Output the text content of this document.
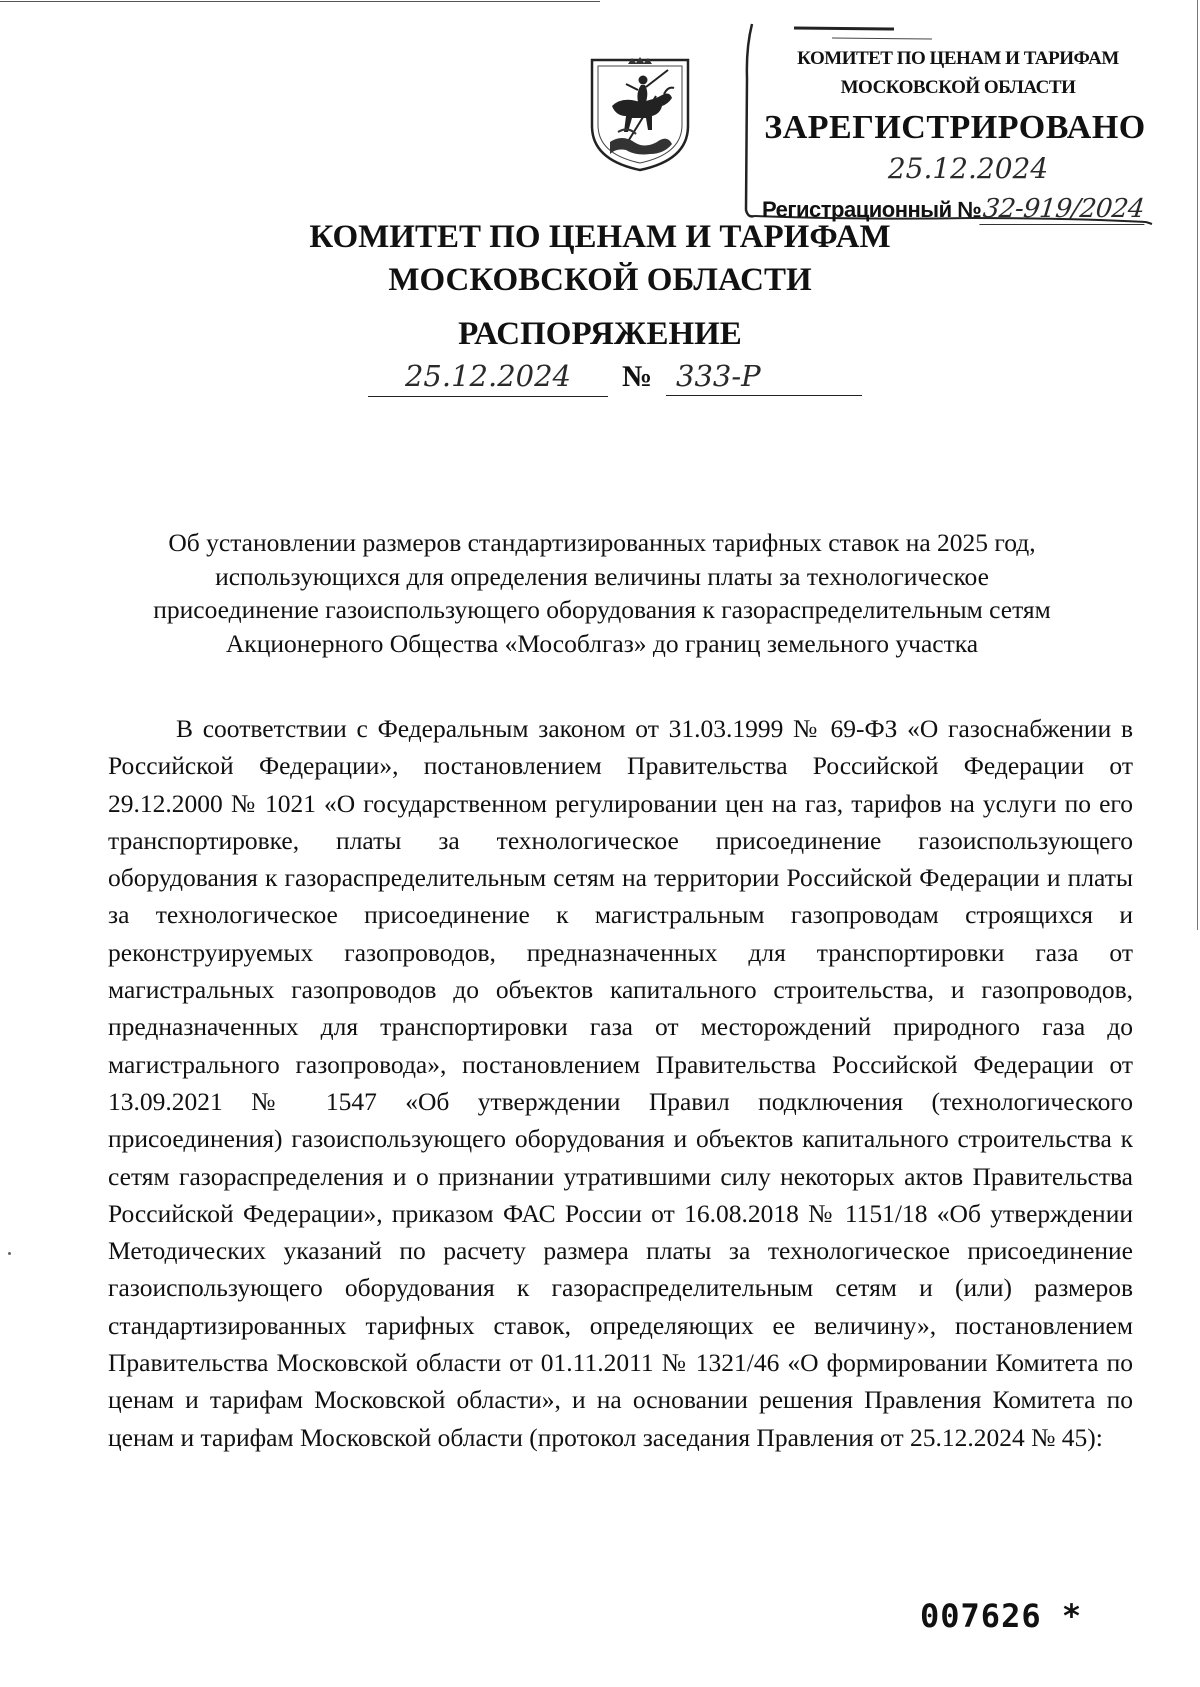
КОМИТЕТ ПО ЦЕНАМ И ТАРИФАМ
МОСКОВСКОЙ ОБЛАСТИ
ЗАРЕГИСТРИРОВАНО
25.12.2024
Регистрационный №32-919/2024
КОМИТЕТ ПО ЦЕНАМ И ТАРИФАМ
МОСКОВСКОЙ ОБЛАСТИ
РАСПОРЯЖЕНИЕ
25.12.2024	№ 333-Р
Об установлении размеров стандартизированных тарифных ставок на 2025 год,
использующихся для определения величины платы за технологическое
присоединение газоиспользующего оборудования к газораспределительным сетям
Акционерного Общества «Мособлгаз» до границ земельного участка

В соответствии с Федеральным законом от 31.03.1999 № 69-ФЗ «О газоснабжении в Российской Федерации», постановлением Правительства Российской Федерации от 29.12.2000 № 1021 «О государственном регулировании цен на газ, тарифов на услуги по его транспортировке, платы за технологическое присоединение газоиспользующего оборудования к газораспределительным сетям на территории Российской Федерации и платы за технологическое присоединение к магистральным газопроводам строящихся и реконструируемых газопроводов, предназначенных для транспортировки газа от магистральных газопроводов до объектов капитального строительства, и газопроводов, предназначенных для транспортировки газа от месторождений природного газа до магистрального газопровода», постановлением Правительства Российской Федерации от 13.09.2021 № 1547 «Об утверждении Правил подключения (технологического присоединения) газоиспользующего оборудования и объектов капитального строительства к сетям газораспределения и о признании утратившими силу некоторых актов Правительства Российской Федерации», приказом ФАС России от 16.08.2018 № 1151/18 «Об утверждении Методических указаний по расчету размера платы за технологическое присоединение газоиспользующего оборудования к газораспределительным сетям и (или) размеров стандартизированных тарифных ставок, определяющих ее величину», постановлением Правительства Московской области от 01.11.2011 № 1321/46 «О формировании Комитета по ценам и тарифам Московской области», и на основании решения Правления Комитета по ценам и тарифам Московской области (протокол заседания Правления от 25.12.2024 № 45):

007626 *
